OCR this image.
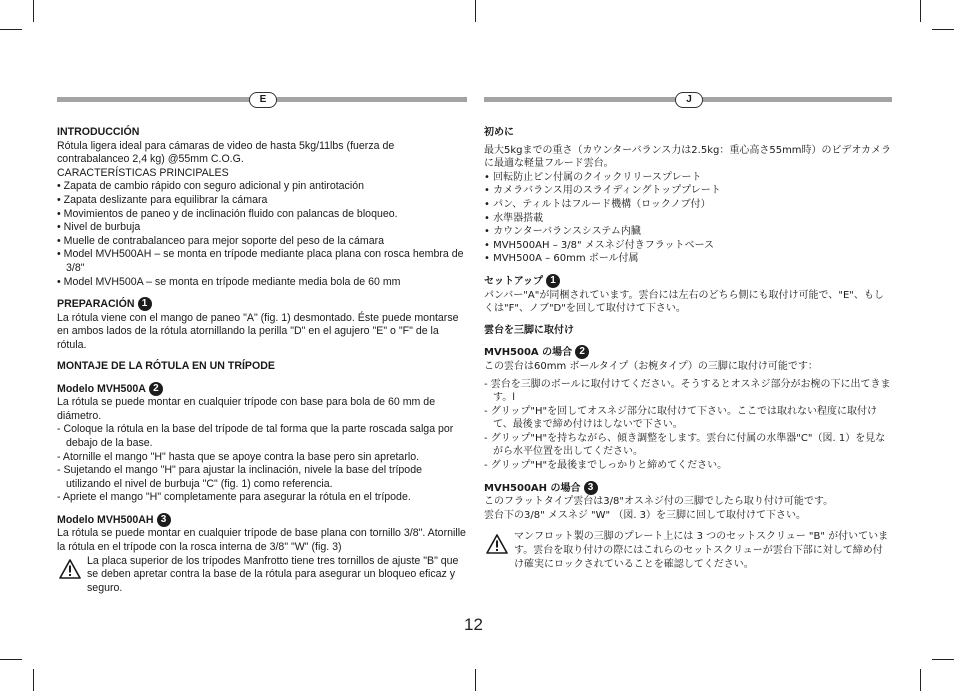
E
INTRODUCCIÓN
Rótula ligera ideal para cámaras de video de hasta 5kg/11lbs (fuerza de
contrabalanceo 2,4 kg) @55mm C.O.G.
CARACTERÍSTICAS PRINCIPALES
• Zapata de cambio rápido con seguro adicional y pin antirotación
• Zapata deslizante para equilibrar la cámara
• Movimientos de paneo y de inclinación fluido con palancas de bloqueo.
• Nivel de burbuja
• Muelle de contrabalanceo para mejor soporte del peso de la cámara
• Model MVH500AH – se monta en trípode mediante placa plana con rosca hembra de 3/8"
• Model MVH500A – se monta en trípode mediante media bola de 60 mm
PREPARACIÓN 1
La rótula viene con el mango de paneo "A" (fig. 1) desmontado. Éste puede montarse en ambos lados de la rótula atornillando la perilla "D" en el agujero "E" o "F" de la rótula.
MONTAJE DE LA RÓTULA EN UN TRÍPODE
Modelo MVH500A 2
La rótula se puede montar en cualquier trípode con base para bola de 60 mm de diámetro.
- Coloque la rótula en la base del trípode de tal forma que la parte roscada salga por debajo de la base.
- Atornille el mango "H" hasta que se apoye contra la base pero sin apretarlo.
- Sujetando el mango "H" para ajustar la inclinación, nivele la base del trípode utilizando el nivel de burbuja "C" (fig. 1) como referencia.
- Apriete el mango "H" completamente para asegurar la rótula en el trípode.
Modelo MVH500AH 3
La rótula se puede montar en cualquier trípode de base plana con tornillo 3/8". Atornille la rótula en el trípode con la rosca interna de 3/8" "W" (fig. 3)
La placa superior de los trípodes Manfrotto tiene tres tornillos de ajuste "B" que se deben apretar contra la base de la rótula para asegurar un bloqueo eficaz y seguro.
J
初めに
最大5kgまでの重さ（カウンターバランス力は2.5kg：重心高さ55mm時）のビデオカメラに最適な軽量フルード雲台。
• 回転防止ピン付属のクイックリリースプレート
• カメラバランス用のスライディングトッププレート
• パン、ティルトはフルード機構（ロックノブ付）
• 水準器搭載
• カウンターバランスシステム内臓
• MVH500AH – 3/8" メスネジ付きフラットベース
• MVH500A – 60mm ボール付属
セットアップ 1
パンバー"A"が同梱されています。雲台には左右のどちら側にも取付け可能で、"E"、もしくは"F"、ノブ"D"を回して取付けて下さい。
雲台を三脚に取付け
MVH500A の場合 2
この雲台は60mm ボールタイプ（お椀タイプ）の三脚に取付け可能です：
- 雲台を三脚のボールに取付けてください。そうするとオスネジ部分がお椀の下に出てきます。l
- グリップ"H"を回してオスネジ部分に取付けて下さい。ここでは取れない程度に取付けて、最後まで締め付けはしないで下さい。
- グリップ"H"を持ちながら、傾き調整をします。雲台に付属の水準器"C"（図. 1）を見ながら水平位置を出してください。
- グリップ"H"を最後までしっかりと締めてください。
MVH500AH の場合 3
このフラットタイプ雲台は3/8"オスネジ付の三脚でしたら取り付け可能です。
雲台下の3/8" メスネジ "W" （図. 3）を三脚に回して取付けて下さい。
マンフロット製の三脚のプレート上には 3 つのセットスクリュー "B" が付いています。雲台を取り付けの際にはこれらのセットスクリューが雲台下部に対して締め付け確実にロックされていることを確認してください。
12
